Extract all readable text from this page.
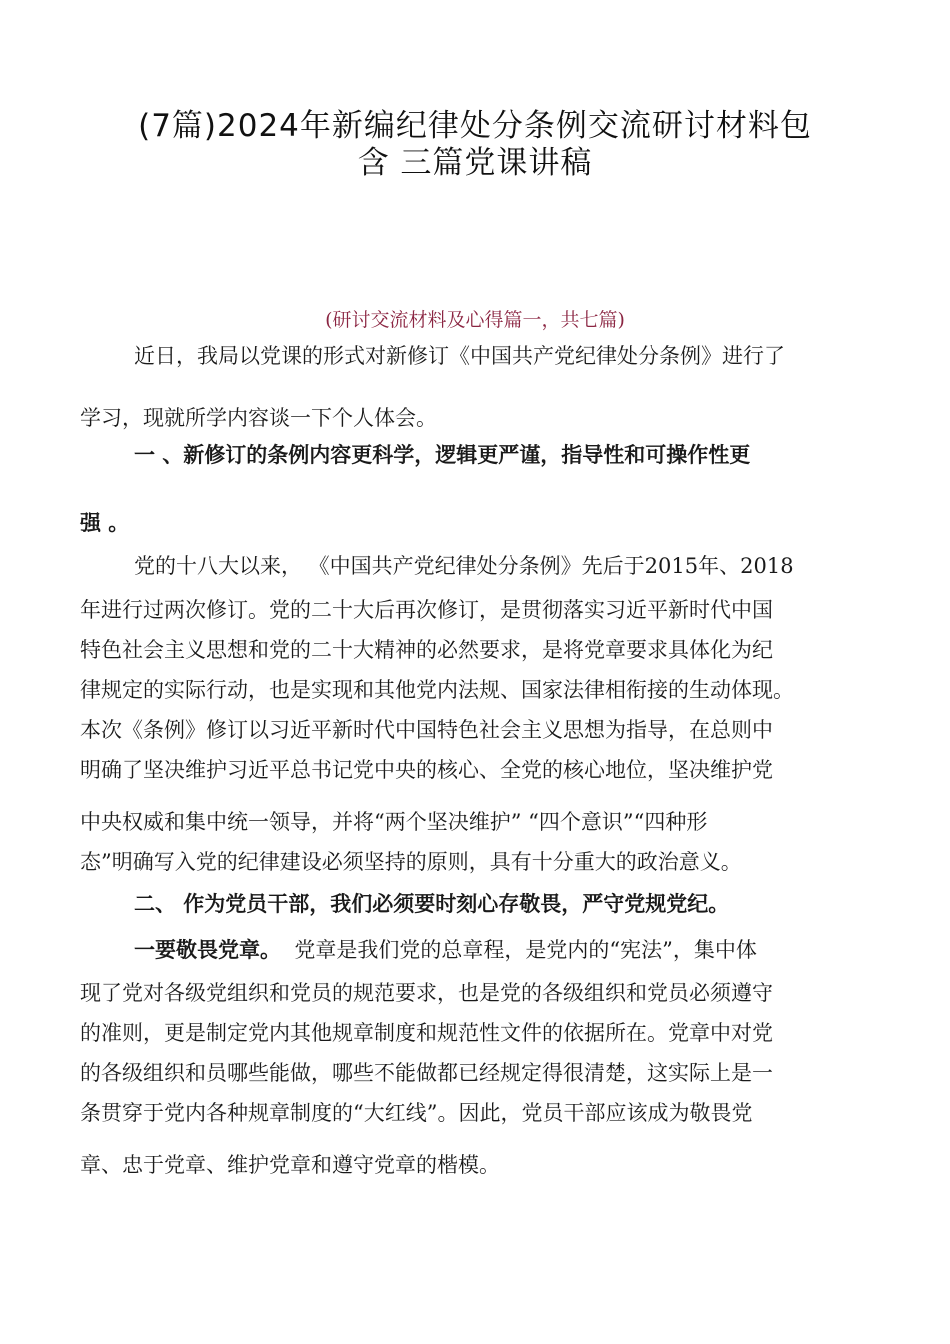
(7篇)2024年新编纪律处分条例交流研讨材料包
含 三篇党课讲稿
(研讨交流材料及心得篇一，共七篇)
近日，我局以党课的形式对新修订《中国共产党纪律处分条例》进行了
学习，现就所学内容谈一下个人体会。
一 、新修订的条例内容更科学，逻辑更严谨，指导性和可操作性更
强 。
党的十八大以来， 《中国共产党纪律处分条例》先后于2015年、2018
年进行过两次修订。党的二十大后再次修订，是贯彻落实习近平新时代中国
特色社会主义思想和党的二十大精神的必然要求，是将党章要求具体化为纪
律规定的实际行动，也是实现和其他党内法规、国家法律相衔接的生动体现。
本次《条例》修订以习近平新时代中国特色社会主义思想为指导，在总则中
明确了坚决维护习近平总书记党中央的核心、全党的核心地位，坚决维护党
中央权威和集中统一领导，并将“两个坚决维护” “四个意识”“四种形
态”明确写入党的纪律建设必须坚持的原则，具有十分重大的政治意义。
二、 作为党员干部，我们必须要时刻心存敬畏，严守党规党纪。
一要敬畏党章。 党章是我们党的总章程，是党内的“宪法”，集中体
现了党对各级党组织和党员的规范要求，也是党的各级组织和党员必须遵守
的准则，更是制定党内其他规章制度和规范性文件的依据所在。党章中对党
的各级组织和员哪些能做，哪些不能做都已经规定得很清楚，这实际上是一
条贯穿于党内各种规章制度的“大红线”。因此，党员干部应该成为敬畏党
章、忠于党章、维护党章和遵守党章的楷模。
